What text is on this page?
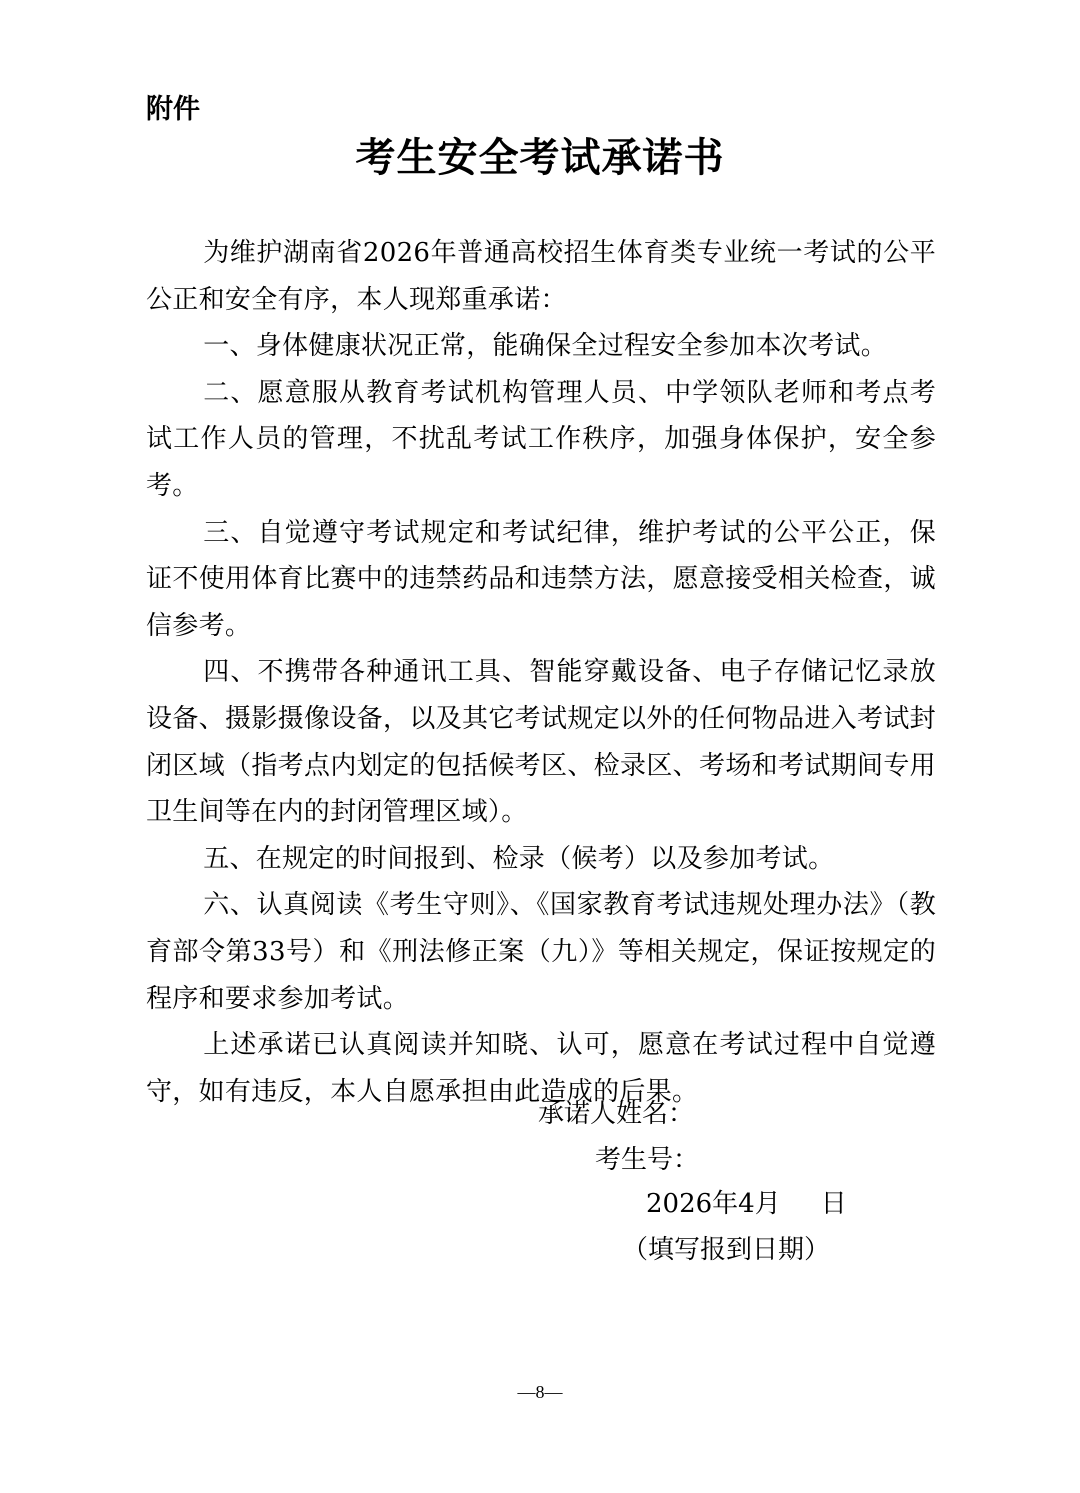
附件

考生安全考试承诺书

为维护湖南省2026年普通高校招生体育类专业统一考试的公平公正和安全有序，本人现郑重承诺：

一、身体健康状况正常，能确保全过程安全参加本次考试。

二、愿意服从教育考试机构管理人员、中学领队老师和考点考试工作人员的管理，不扰乱考试工作秩序，加强身体保护，安全参考。

三、自觉遵守考试规定和考试纪律，维护考试的公平公正，保证不使用体育比赛中的违禁药品和违禁方法，愿意接受相关检查，诚信参考。

四、不携带各种通讯工具、智能穿戴设备、电子存储记忆录放设备、摄影摄像设备，以及其它考试规定以外的任何物品进入考试封闭区域（指考点内划定的包括候考区、检录区、考场和考试期间专用卫生间等在内的封闭管理区域）。

五、在规定的时间报到、检录（候考）以及参加考试。

六、认真阅读《考生守则》、《国家教育考试违规处理办法》（教育部令第33号）和《刑法修正案（九）》等相关规定，保证按规定的程序和要求参加考试。

上述承诺已认真阅读并知晓、认可，愿意在考试过程中自觉遵守，如有违反，本人自愿承担由此造成的后果。

承诺人姓名：

考生号：

2026年4月 日

（填写报到日期）

—8—
